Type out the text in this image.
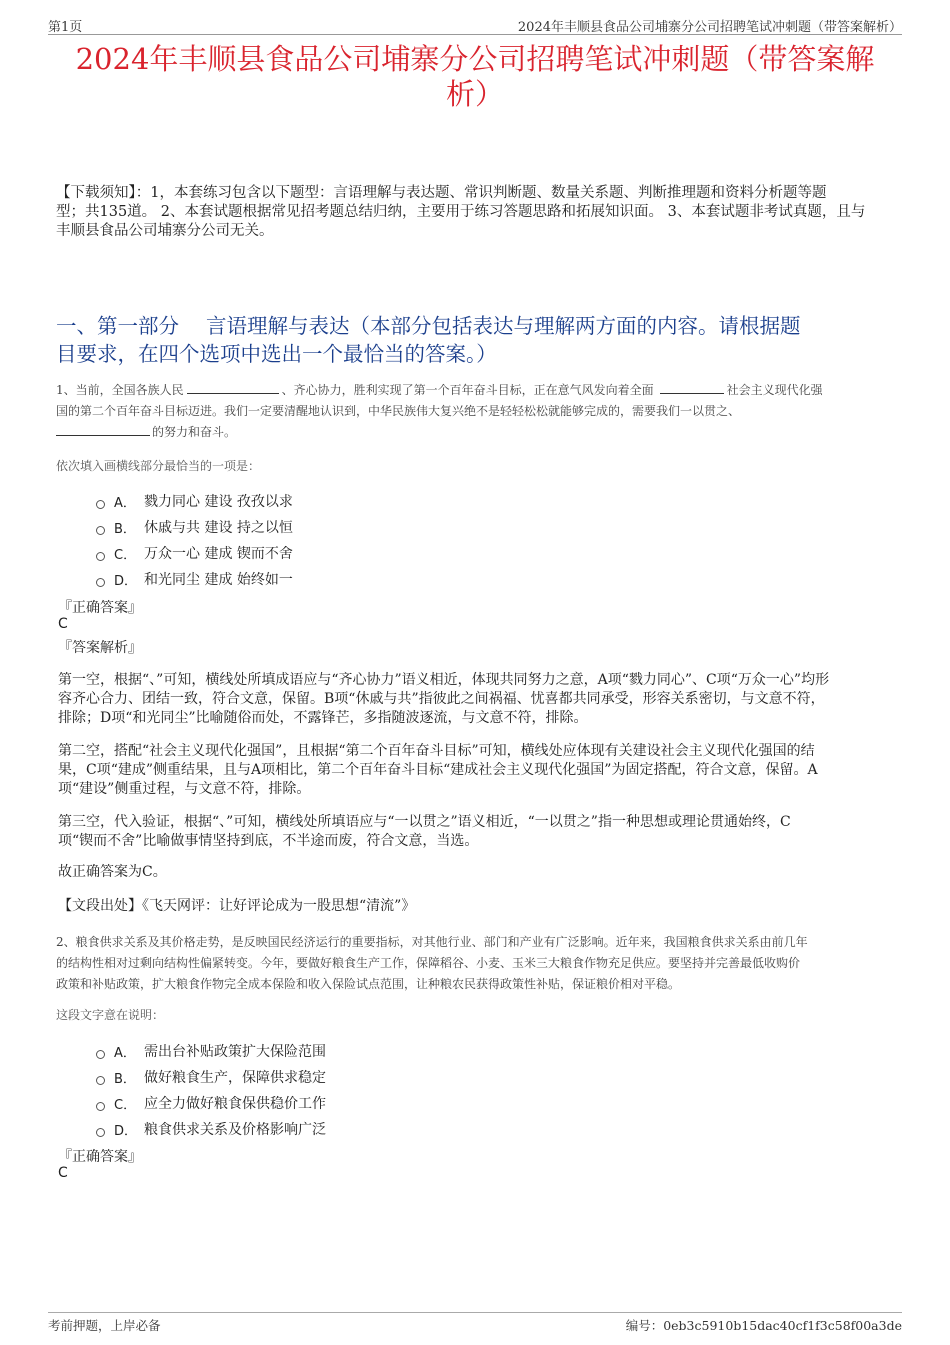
第1页	2024年丰顺县食品公司埔寨分公司招聘笔试冲刺题（带答案解析）
2024年丰顺县食品公司埔寨分公司招聘笔试冲刺题（带答案解
析）
【下载须知】：1，本套练习包含以下题型：言语理解与表达题、常识判断题、数量关系题、判断推理题和资料分析题等题
型；共135道。 2、本套试题根据常见招考题总结归纳，主要用于练习答题思路和拓展知识面。 3、本套试题非考试真题，且与
丰顺县食品公司埔寨分公司无关。
一、第一部分　 言语理解与表达（本部分包括表达与理解两方面的内容。请根据题
目要求，在四个选项中选出一个最恰当的答案。）
1、当前，全国各族人民	、齐心协力，胜利实现了第一个百年奋斗目标，正在意气风发向着全面	社会主义现代化强
国的第二个百年奋斗目标迈进。我们一定要清醒地认识到，中华民族伟大复兴绝不是轻轻松松就能够完成的，需要我们一以贯之、
的努力和奋斗。
依次填入画横线部分最恰当的一项是：
A． 戮力同心 建设 孜孜以求
B． 休戚与共 建设 持之以恒
C． 万众一心 建成 锲而不舍
D． 和光同尘 建成 始终如一
『正确答案』
C
『答案解析』
第一空，根据“、”可知，横线处所填成语应与“齐心协力”语义相近，体现共同努力之意，A项“戮力同心”、C项“万众一心”均形
容齐心合力、团结一致，符合文意，保留。B项“休戚与共”指彼此之间祸福、忧喜都共同承受，形容关系密切，与文意不符，
排除；D项“和光同尘”比喻随俗而处，不露锋芒，多指随波逐流，与文意不符，排除。
第二空，搭配“社会主义现代化强国”，且根据“第二个百年奋斗目标”可知，横线处应体现有关建设社会主义现代化强国的结
果，C项“建成”侧重结果，且与A项相比，第二个百年奋斗目标“建成社会主义现代化强国”为固定搭配，符合文意，保留。A
项“建设”侧重过程，与文意不符，排除。
第三空，代入验证，根据“、”可知，横线处所填语应与“一以贯之”语义相近，“一以贯之”指一种思想或理论贯通始终，C
项“锲而不舍”比喻做事情坚持到底，不半途而废，符合文意，当选。
故正确答案为C。
【文段出处】《飞天网评：让好评论成为一股思想“清流”》
2、粮食供求关系及其价格走势，是反映国民经济运行的重要指标，对其他行业、部门和产业有广泛影响。近年来，我国粮食供求关系由前几年
的结构性相对过剩向结构性偏紧转变。今年，要做好粮食生产工作，保障稻谷、小麦、玉米三大粮食作物充足供应。要坚持并完善最低收购价
政策和补贴政策，扩大粮食作物完全成本保险和收入保险试点范围，让种粮农民获得政策性补贴，保证粮价相对平稳。
这段文字意在说明：
A． 需出台补贴政策扩大保险范围
B． 做好粮食生产，保障供求稳定
C． 应全力做好粮食保供稳价工作
D． 粮食供求关系及价格影响广泛
『正确答案』
C
考前押题，上岸必备	编号：0eb3c5910b15dac40cf1f3c58f00a3de
